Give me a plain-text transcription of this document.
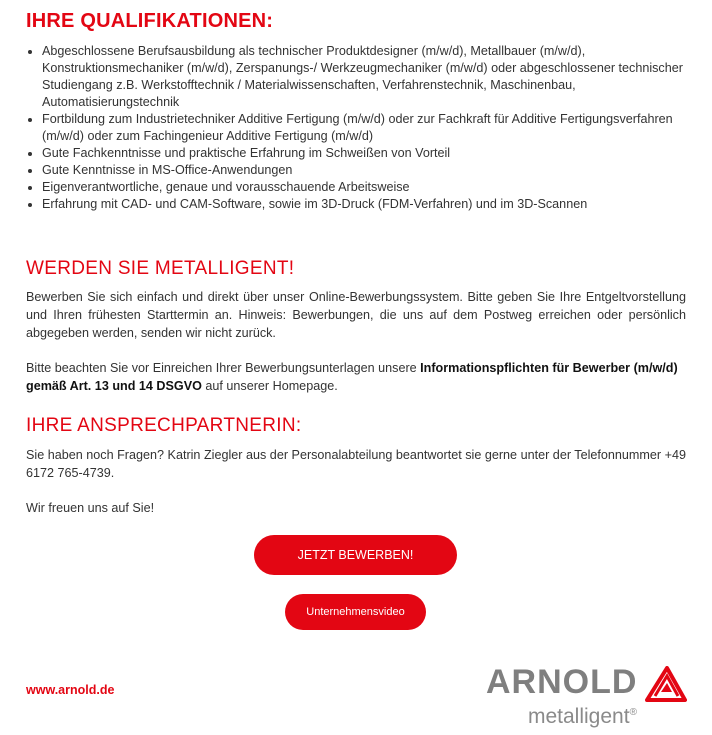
IHRE QUALIFIKATIONEN:
• Abgeschlossene Berufsausbildung als technischer Produktdesigner (m/w/d), Metallbauer (m/w/d), Konstruktionsmechaniker (m/w/d), Zerspanungs-/ Werkzeugmechaniker (m/w/d) oder abgeschlossener technischer Studiengang z.B. Werkstofftechnik / Materialwissenschaften, Verfahrenstechnik, Maschinenbau, Automatisierungstechnik
• Fortbildung zum Industrietechniker Additive Fertigung (m/w/d) oder zur Fachkraft für Additive Fertigungsverfahren (m/w/d) oder zum Fachingenieur Additive Fertigung (m/w/d)
• Gute Fachkenntnisse und praktische Erfahrung im Schweißen von Vorteil
• Gute Kenntnisse in MS-Office-Anwendungen
• Eigenverantwortliche, genaue und vorausschauende Arbeitsweise
• Erfahrung mit CAD- und CAM-Software, sowie im 3D-Druck (FDM-Verfahren) und im 3D-Scannen
WERDEN SIE METALLIGENT!

Bewerben Sie sich einfach und direkt über unser Online-Bewerbungssystem. Bitte geben Sie Ihre Entgeltvorstellung und Ihren frühesten Starttermin an. Hinweis: Bewerbungen, die uns auf dem Postweg erreichen oder persönlich abgegeben werden, senden wir nicht zurück.

Bitte beachten Sie vor Einreichen Ihrer Bewerbungsunterlagen unsere Informationspflichten für Bewerber (m/w/d) gemäß Art. 13 und 14 DSGVO auf unserer Homepage.

IHRE ANSPRECHPARTNERIN:

Sie haben noch Fragen? Katrin Ziegler aus der Personalabteilung beantwortet sie gerne unter der Telefonnummer +49 6172 765-4739.

Wir freuen uns auf Sie!

JETZT BEWERBEN!
Unternehmensvideo
www.arnold.de	ARNOLD
metalligent®
